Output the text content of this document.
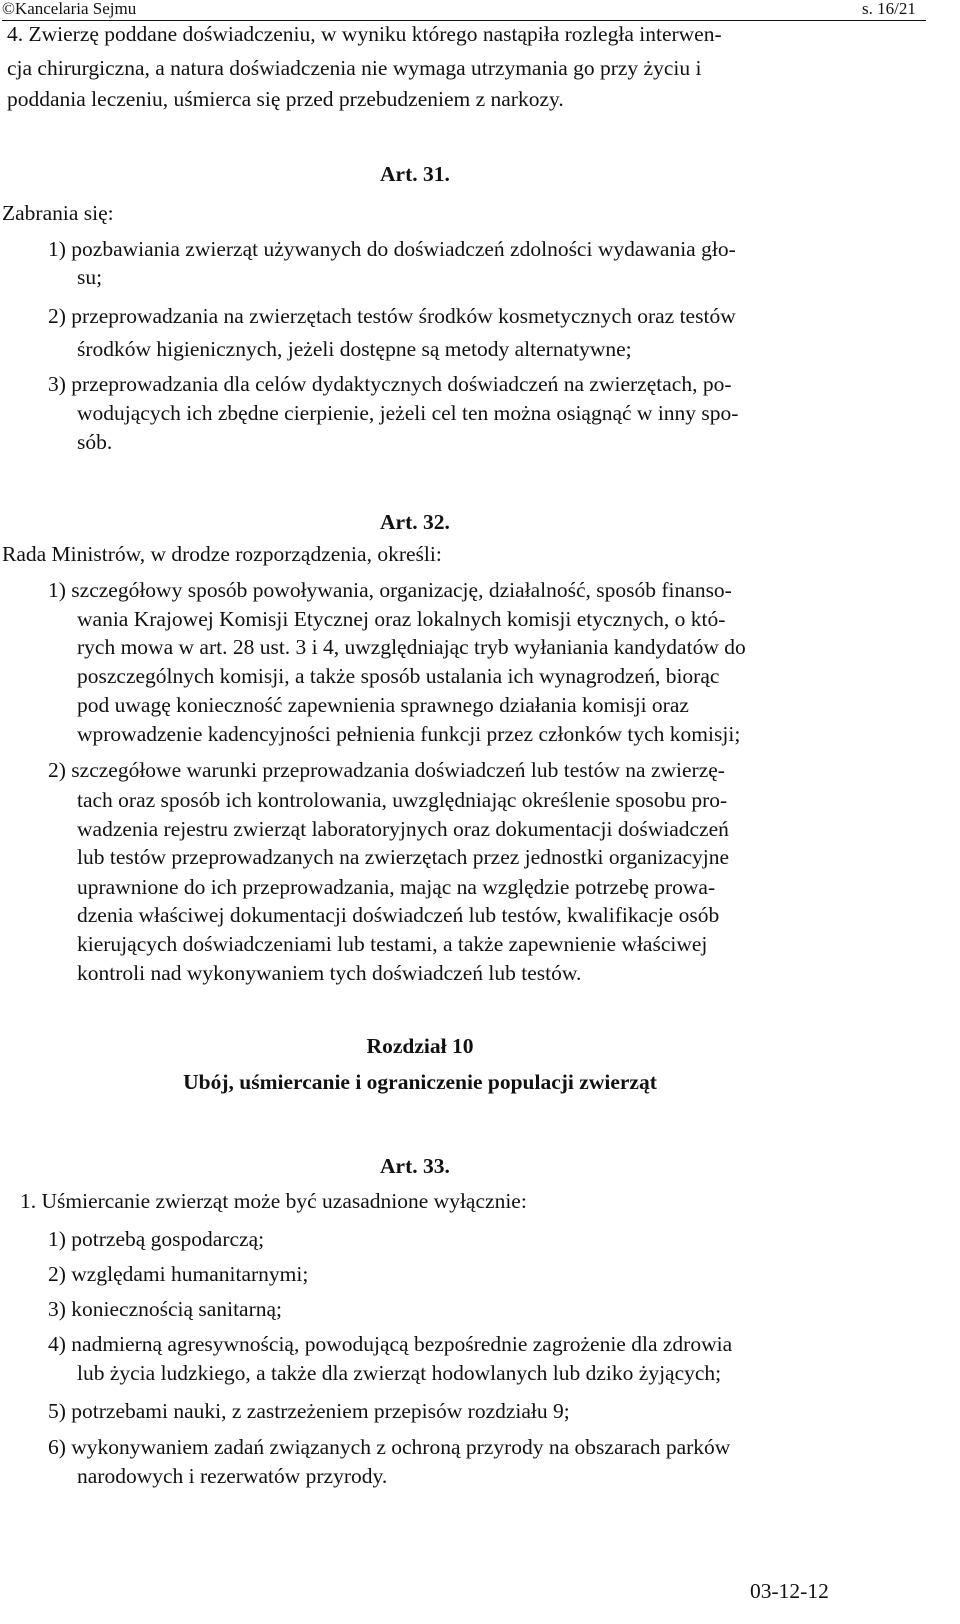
©Kancelaria Sejmu	s. 16/21
4. Zwierzę poddane doświadczeniu, w wyniku którego nastąpiła rozległa interwen-
cja chirurgiczna, a natura doświadczenia nie wymaga utrzymania go przy życiu i
poddania leczeniu, uśmierca się przed przebudzeniem z narkozy.
Art. 31.
Zabrania się:
1) pozbawiania zwierząt używanych do doświadczeń zdolności wydawania gło-
su;
2) przeprowadzania na zwierzętach testów środków kosmetycznych oraz testów
środków higienicznych, jeżeli dostępne są metody alternatywne;
3) przeprowadzania dla celów dydaktycznych doświadczeń na zwierzętach, po-
wodujących ich zbędne cierpienie, jeżeli cel ten można osiągnąć w inny spo-
sób.
Art. 32.
Rada Ministrów, w drodze rozporządzenia, określi:
1) szczegółowy sposób powoływania, organizację, działalność, sposób finanso-
wania Krajowej Komisji Etycznej oraz lokalnych komisji etycznych, o któ-
rych mowa w art. 28 ust. 3 i 4, uwzględniając tryb wyłaniania kandydatów do
poszczególnych komisji, a także sposób ustalania ich wynagrodzeń, biorąc
pod uwagę konieczność zapewnienia sprawnego działania komisji oraz
wprowadzenie kadencyjności pełnienia funkcji przez członków tych komisji;
2) szczegółowe warunki przeprowadzania doświadczeń lub testów na zwierzę-
tach oraz sposób ich kontrolowania, uwzględniając określenie sposobu pro-
wadzenia rejestru zwierząt laboratoryjnych oraz dokumentacji doświadczeń
lub testów przeprowadzanych na zwierzętach przez jednostki organizacyjne
uprawnione do ich przeprowadzania, mając na względzie potrzebę prowa-
dzenia właściwej dokumentacji doświadczeń lub testów, kwalifikacje osób
kierujących doświadczeniami lub testami, a także zapewnienie właściwej
kontroli nad wykonywaniem tych doświadczeń lub testów.
Rozdział 10
Ubój, uśmiercanie i ograniczenie populacji zwierząt
Art. 33.
1. Uśmiercanie zwierząt może być uzasadnione wyłącznie:
1) potrzebą gospodarczą;
2) względami humanitarnymi;
3) koniecznością sanitarną;
4) nadmierną agresywnością, powodującą bezpośrednie zagrożenie dla zdrowia
lub życia ludzkiego, a także dla zwierząt hodowlanych lub dziko żyjących;
5) potrzebami nauki, z zastrzeżeniem przepisów rozdziału 9;
6) wykonywaniem zadań związanych z ochroną przyrody na obszarach parków
narodowych i rezerwatów przyrody.
03-12-12
